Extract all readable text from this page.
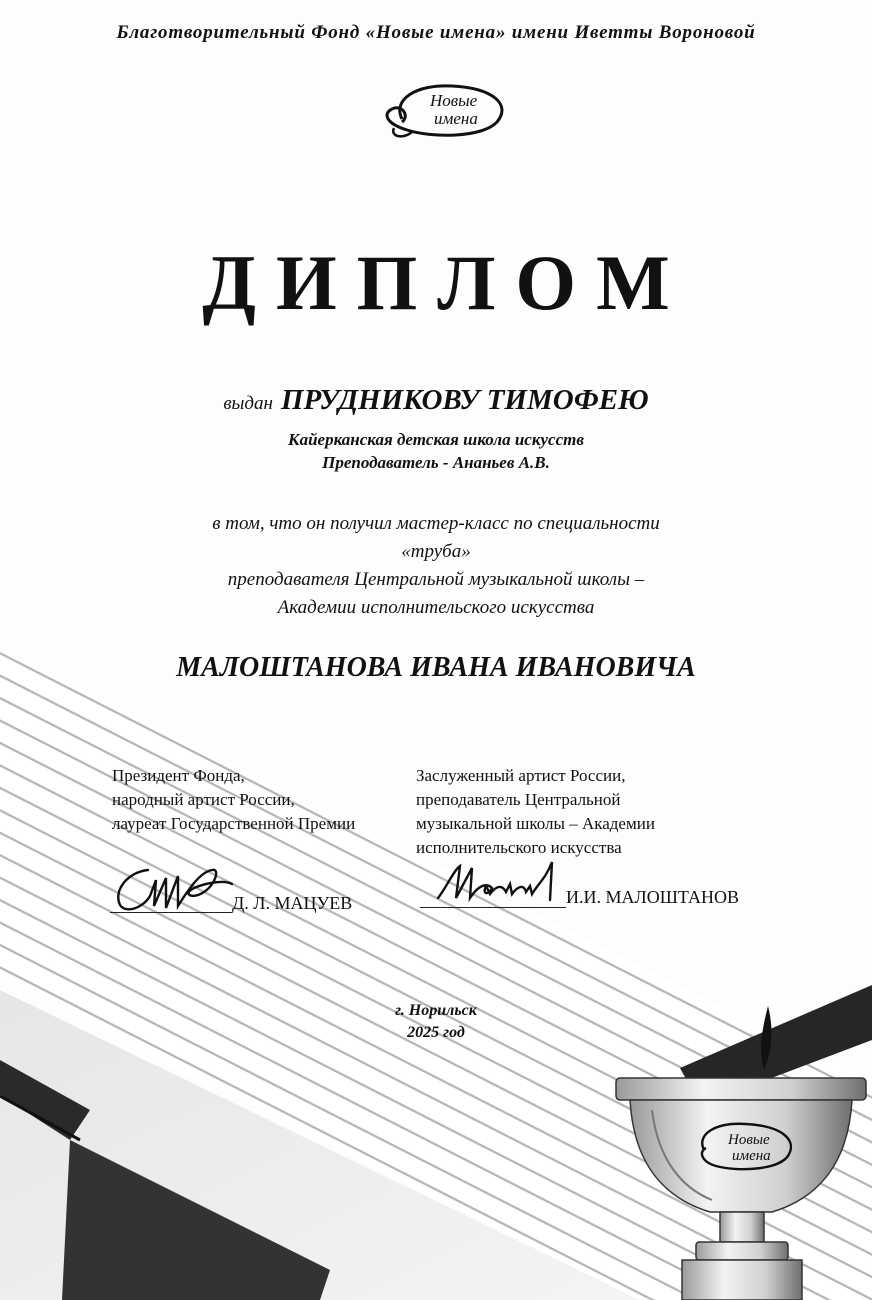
Благотворительный Фонд «Новые имена» имени Иветты Вороновой
Новые
имена
ДИПЛОМ
выдан ПРУДНИКОВУ ТИМОФЕЮ
Кайерканская детская школа искусств
Преподаватель - Ананьев А.В.
в том, что он получил мастер-класс по специальности
«труба»
преподавателя Центральной музыкальной школы –
Академии исполнительского искусства
МАЛОШТАНОВА ИВАНА ИВАНОВИЧА
Президент Фонда,
народный артист России,
лауреат Государственной Премии
Д. Л. МАЦУЕВ
Заслуженный артист России,
преподаватель Центральной
музыкальной школы – Академии
исполнительского искусства
И.И. МАЛОШТАНОВ
г. Норильск
2025 год
Новые
имена
